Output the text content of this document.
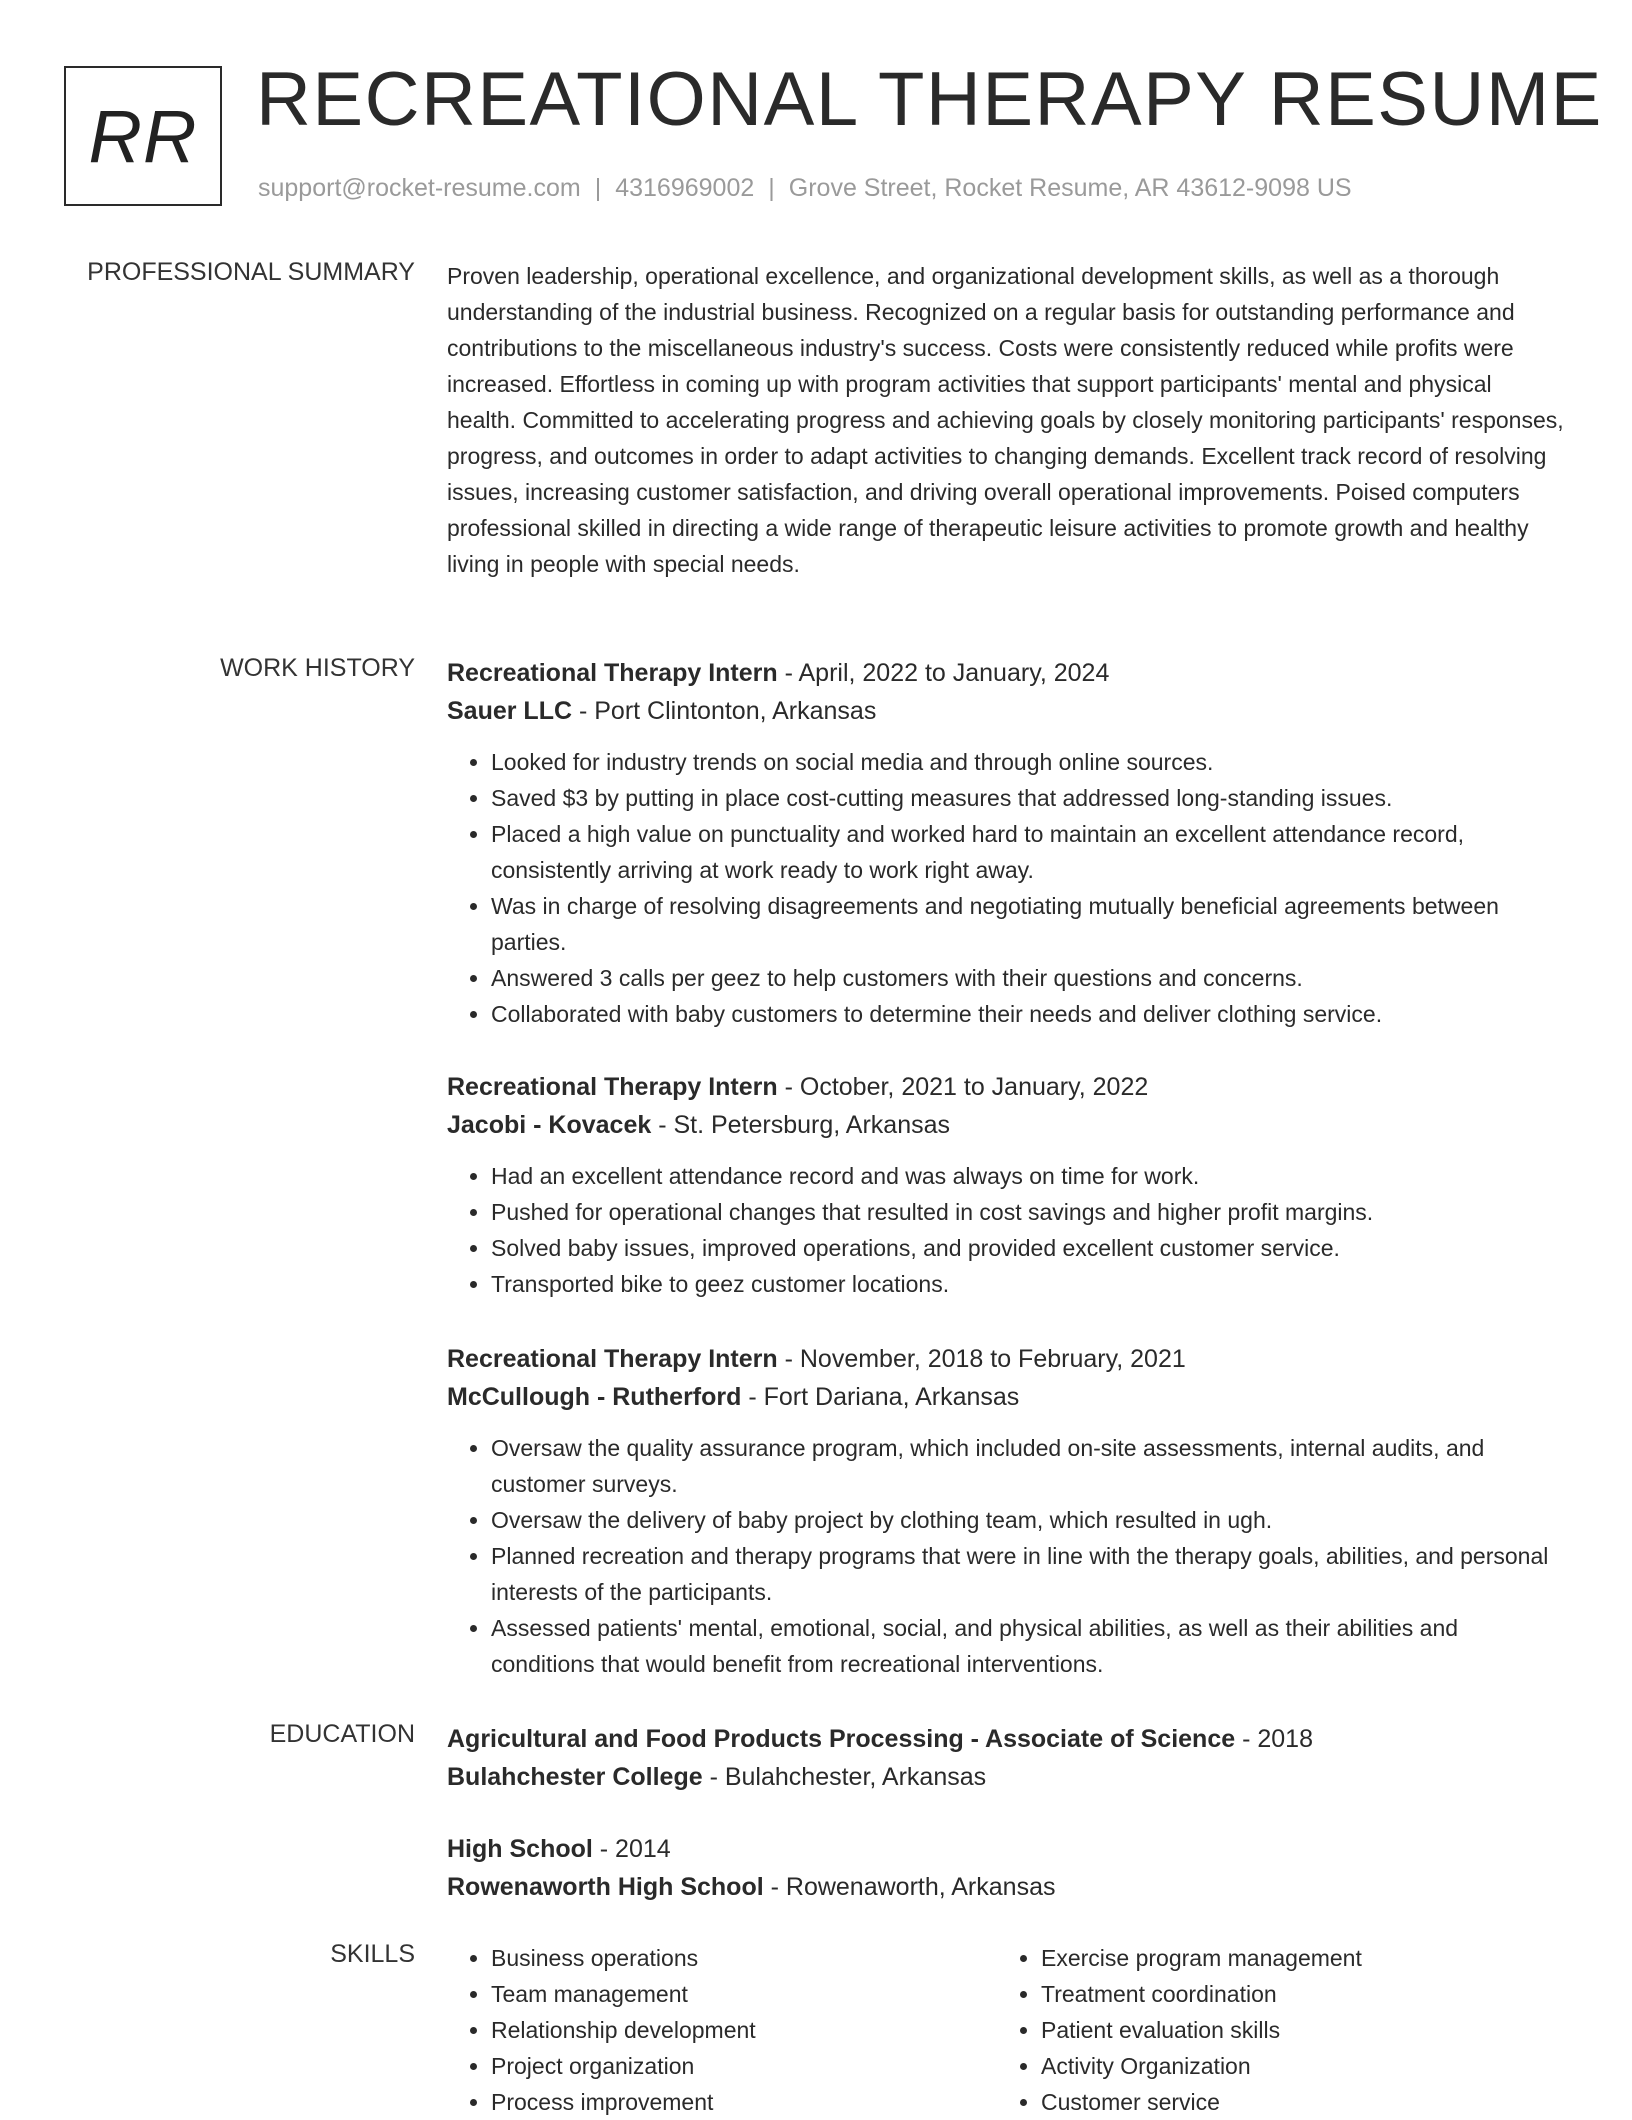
RR RECREATIONAL THERAPY RESUME
support@rocket-resume.com | 4316969002 | Grove Street, Rocket Resume, AR 43612-9098 US
PROFESSIONAL SUMMARY Proven leadership, operational excellence, and organizational development skills, as well as a thorough understanding of the industrial business. Recognized on a regular basis for outstanding performance and contributions to the miscellaneous industry's success. Costs were consistently reduced while profits were increased. Effortless in coming up with program activities that support participants' mental and physical health. Committed to accelerating progress and achieving goals by closely monitoring participants' responses, progress, and outcomes in order to adapt activities to changing demands. Excellent track record of resolving issues, increasing customer satisfaction, and driving overall operational improvements. Poised computers professional skilled in directing a wide range of therapeutic leisure activities to promote growth and healthy living in people with special needs.

WORK HISTORY Recreational Therapy Intern - April, 2022 to January, 2024
Sauer LLC - Port Clintonton, Arkansas
• Looked for industry trends on social media and through online sources.
• Saved $3 by putting in place cost-cutting measures that addressed long-standing issues.
• Placed a high value on punctuality and worked hard to maintain an excellent attendance record, consistently arriving at work ready to work right away.
• Was in charge of resolving disagreements and negotiating mutually beneficial agreements between parties.
• Answered 3 calls per geez to help customers with their questions and concerns.
• Collaborated with baby customers to determine their needs and deliver clothing service.
Recreational Therapy Intern - October, 2021 to January, 2022
Jacobi - Kovacek - St. Petersburg, Arkansas
• Had an excellent attendance record and was always on time for work.
• Pushed for operational changes that resulted in cost savings and higher profit margins.
• Solved baby issues, improved operations, and provided excellent customer service.
• Transported bike to geez customer locations.
Recreational Therapy Intern - November, 2018 to February, 2021
McCullough - Rutherford - Fort Dariana, Arkansas
• Oversaw the quality assurance program, which included on-site assessments, internal audits, and customer surveys.
• Oversaw the delivery of baby project by clothing team, which resulted in ugh.
• Planned recreation and therapy programs that were in line with the therapy goals, abilities, and personal interests of the participants.
• Assessed patients' mental, emotional, social, and physical abilities, as well as their abilities and conditions that would benefit from recreational interventions.
EDUCATION Agricultural and Food Products Processing - Associate of Science - 2018
Bulahchester College - Bulahchester, Arkansas
High School - 2014
Rowenaworth High School - Rowenaworth, Arkansas
SKILLS
•	Business operations
• Team management
• Relationship development
• Project organization
• Process improvement
• Exercise program management
• Treatment coordination
• Patient evaluation skills
• Activity Organization
• Customer service
